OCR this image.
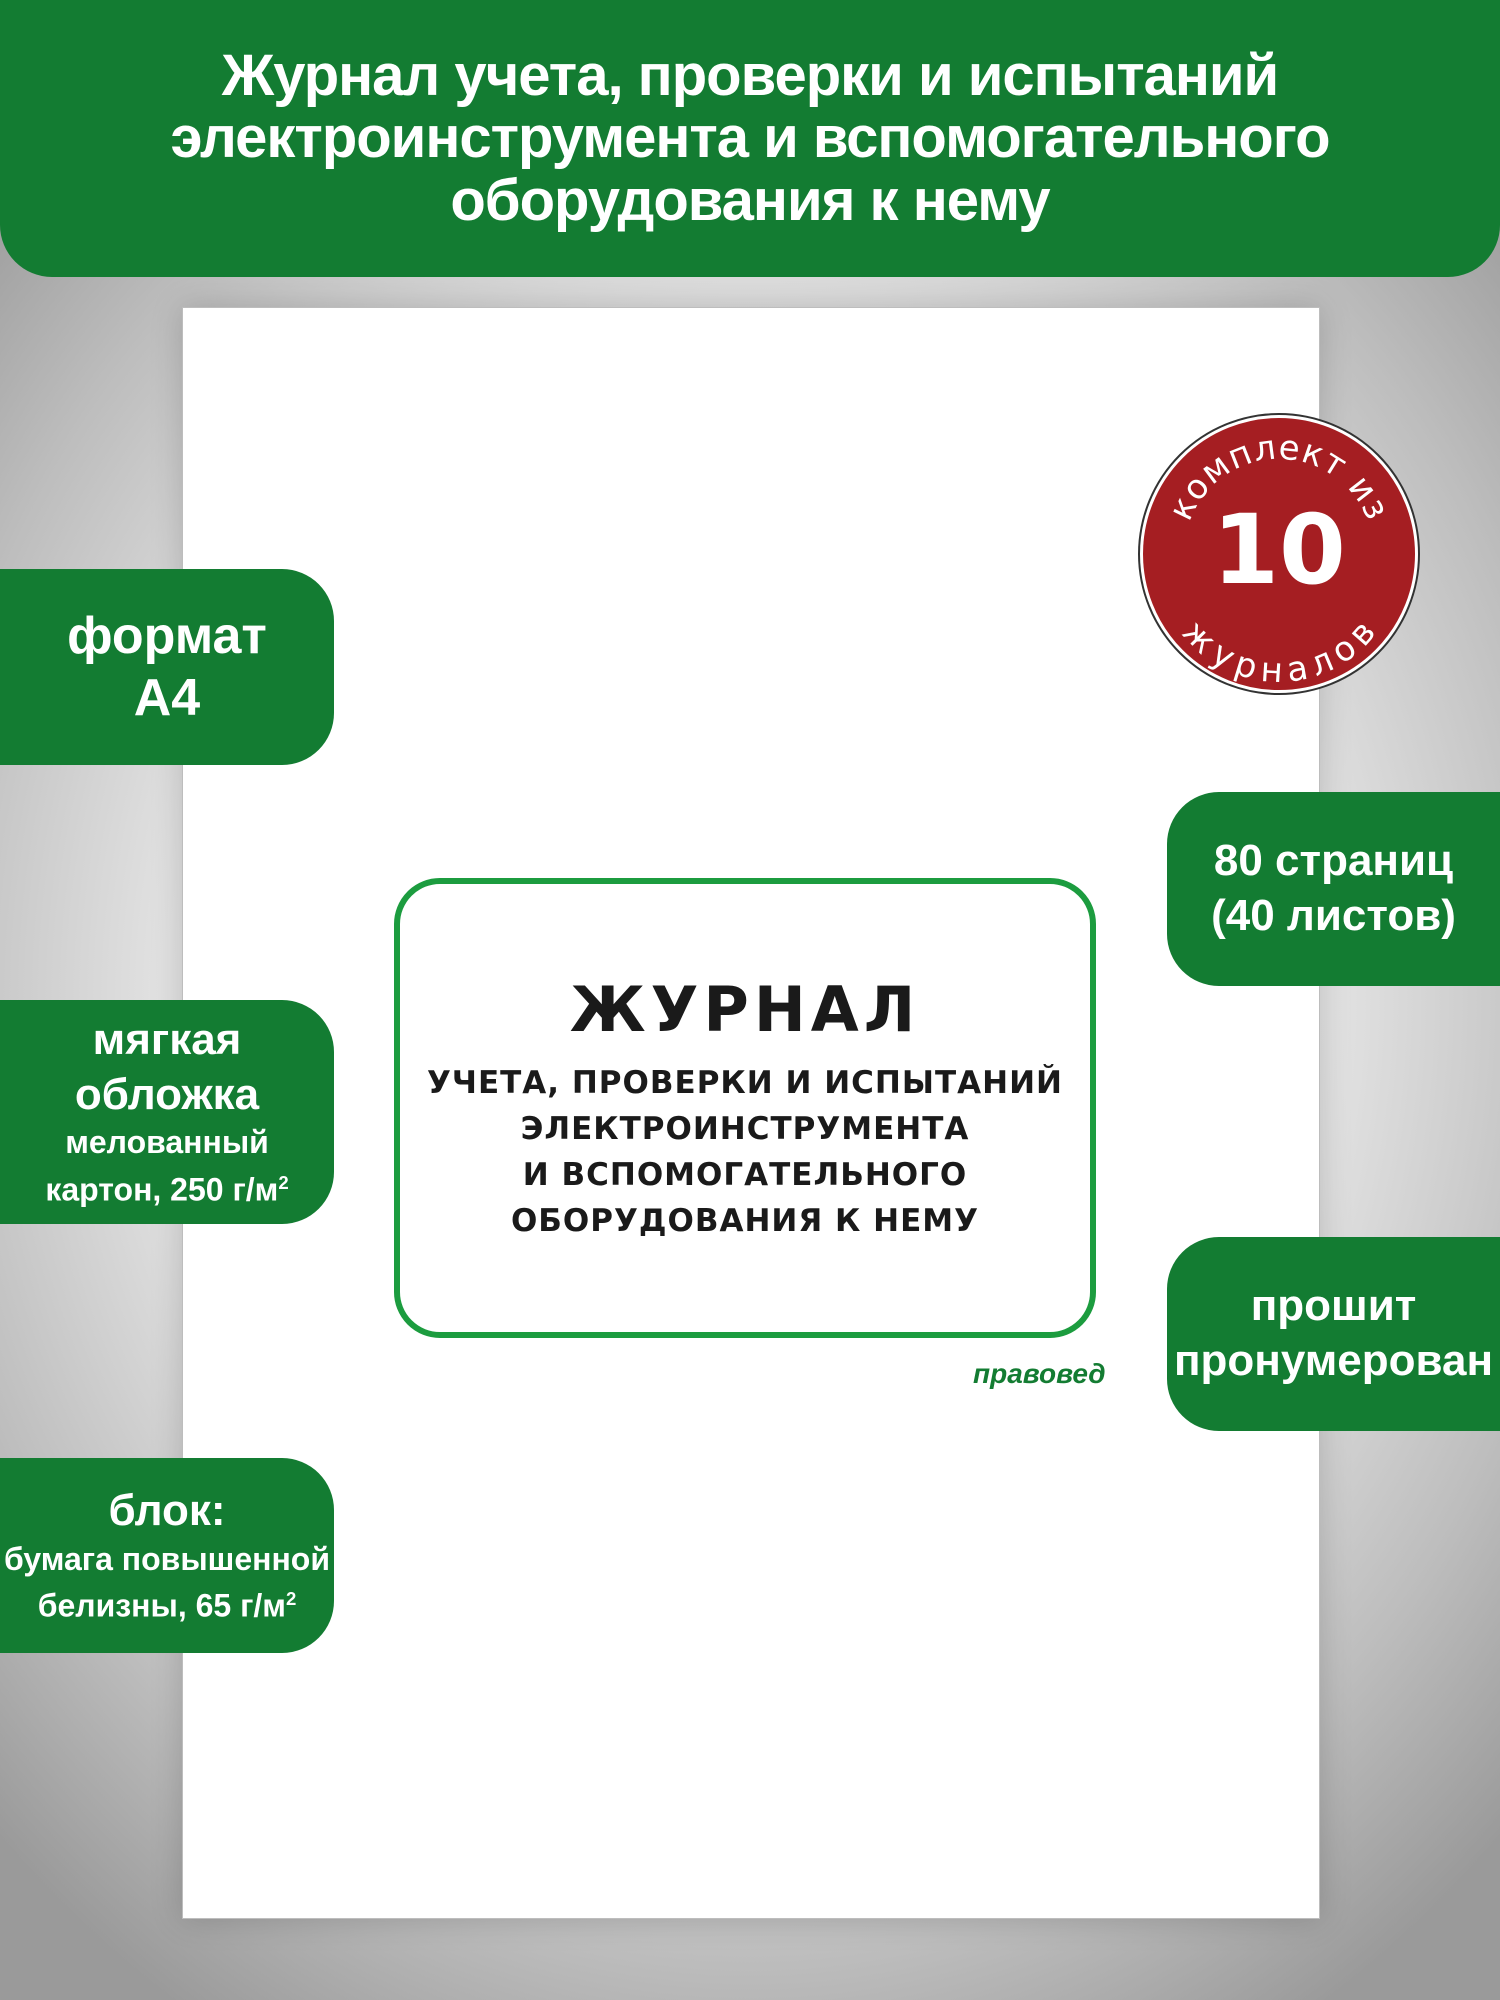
Журнал учета, проверки и испытаний электроинструмента и вспомогательного оборудования к нему

ЖУРНАЛ
УЧЕТА, ПРОВЕРКИ И ИСПЫТАНИЙ
ЭЛЕКТРОИНСТРУМЕНТА
И ВСПОМОГАТЕЛЬНОГО
ОБОРУДОВАНИЯ К НЕМУ
правовед
комплект из
10
журналов
формат
А4
мягкая
обложка
мелованный
картон, 250 $г/м^2$
блок:
бумага повышенной
белизны, 65 $г/м^2$
80 страниц
(40 листов)
прошит
пронумерован
